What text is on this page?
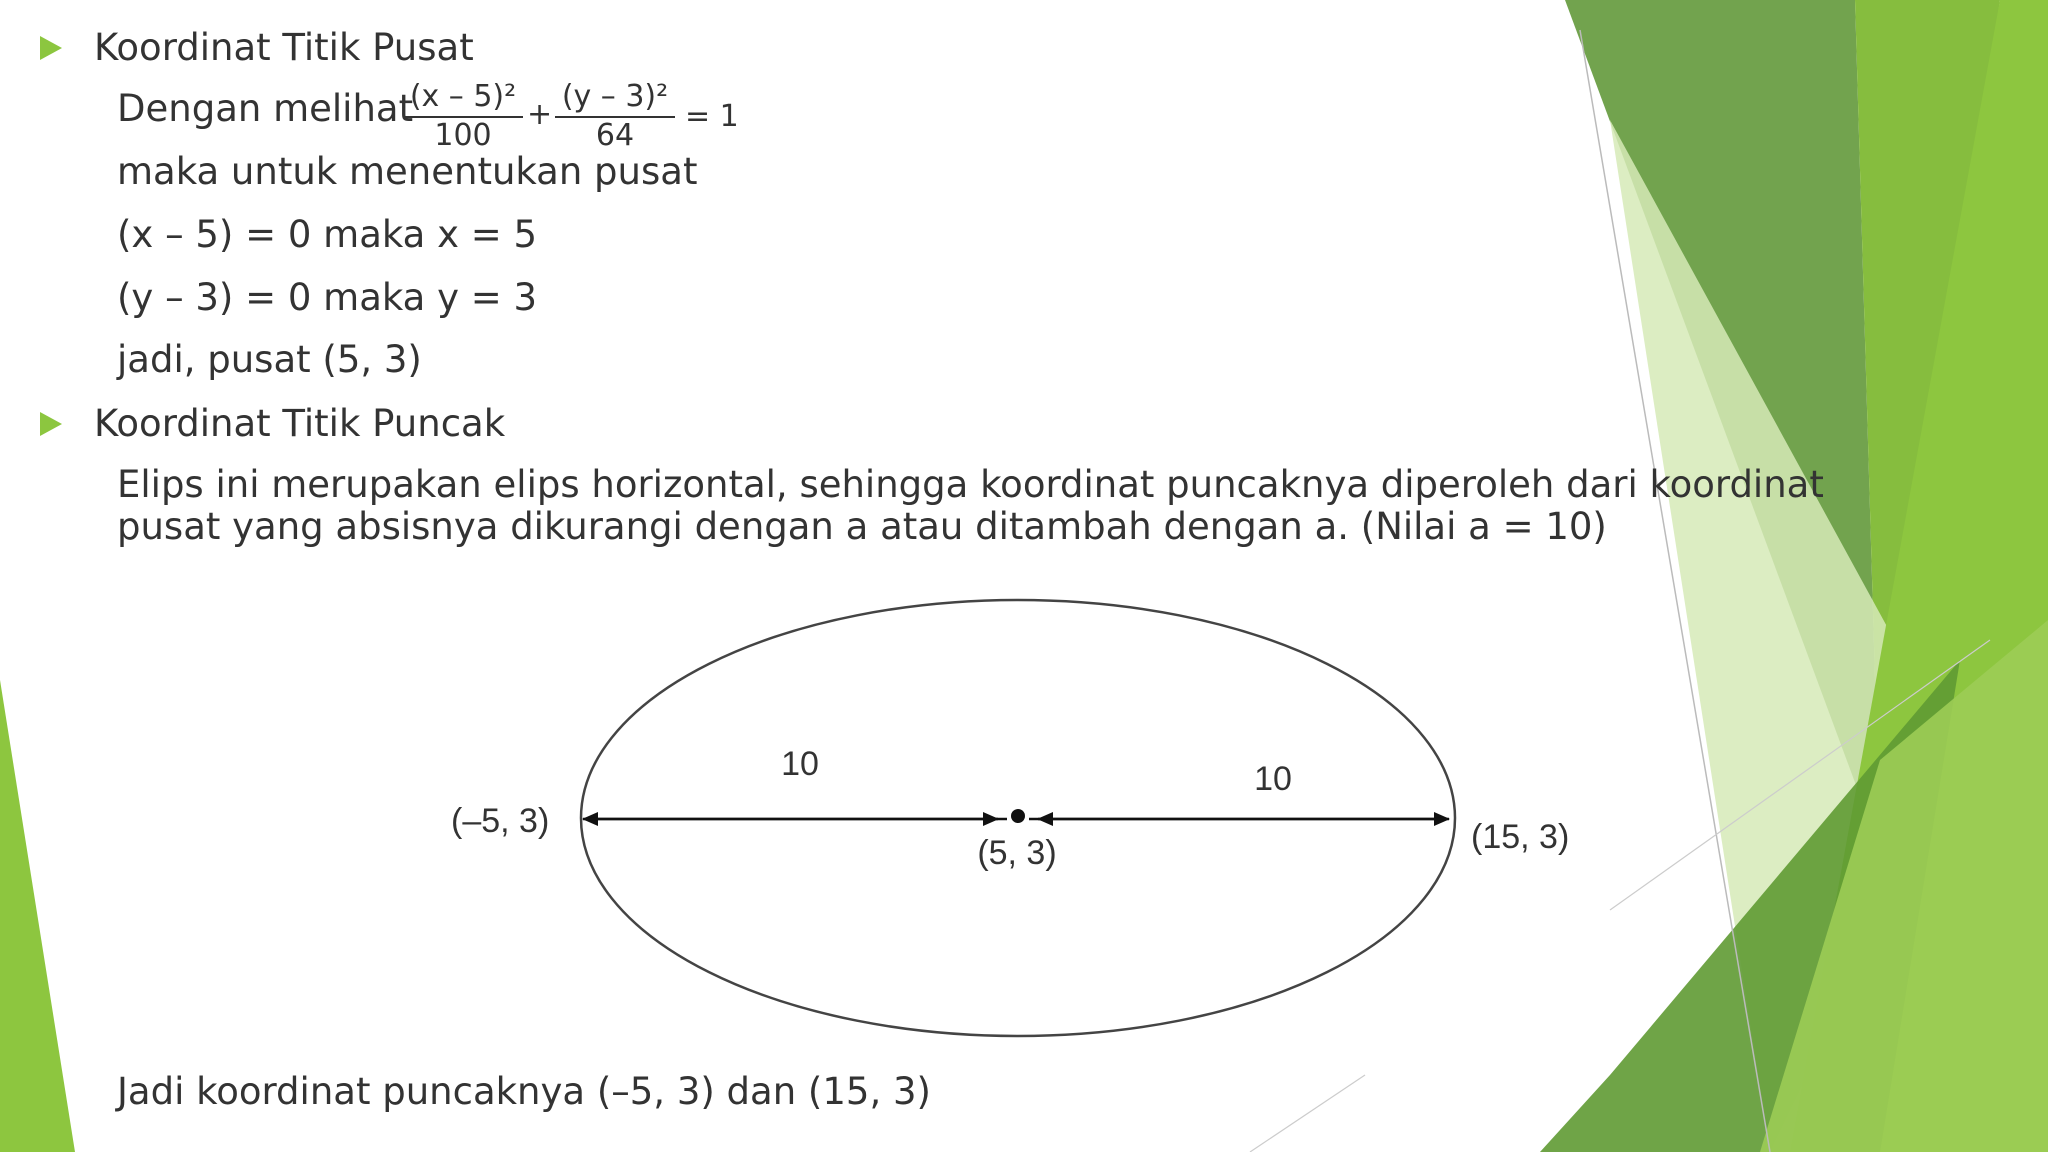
Koordinat Titik Pusat
Dengan melihat
$\frac{\text{(x – 5)²}}{100} + \frac{\text{(y – 3)²}}{64} = 1$
maka untuk menentukan pusat
(x – 5) = 0 maka x = 5
(y – 3) = 0 maka y = 3
jadi, pusat (5, 3)
Koordinat Titik Puncak
Elips ini merupakan elips horizontal, sehingga koordinat puncaknya diperoleh dari koordinat pusat yang absisnya dikurangi dengan a atau ditambah dengan a. (Nilai a = 10)
10	10
(–5, 3)	(15, 3)
(5, 3)
Jadi koordinat puncaknya (–5, 3) dan (15, 3)
